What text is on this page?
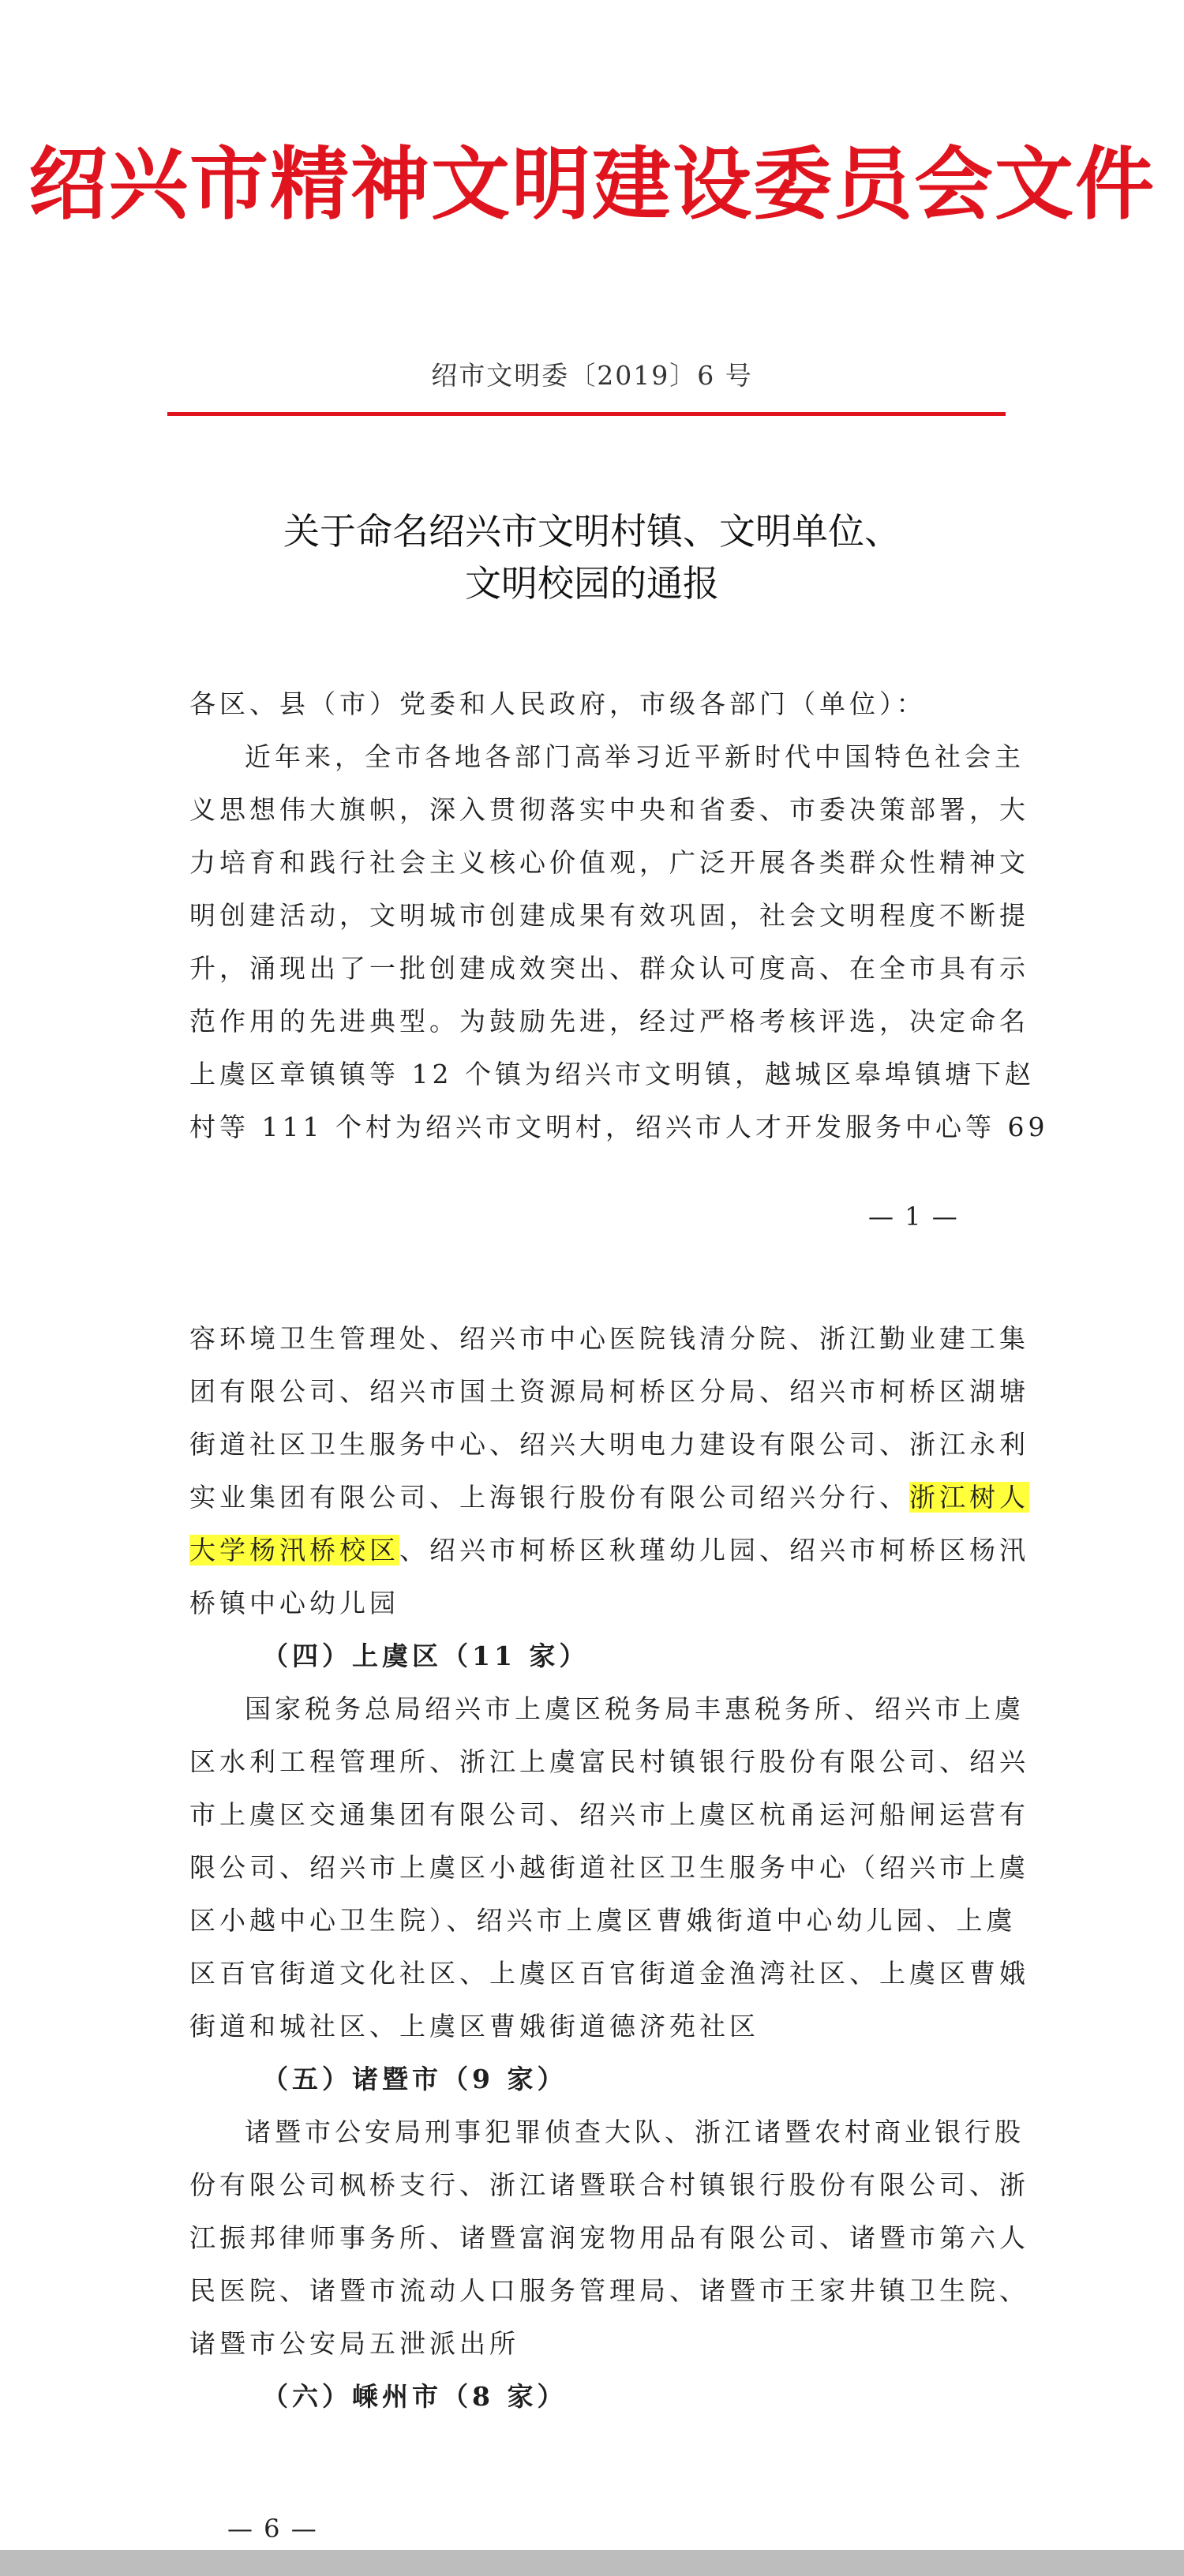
绍兴市精神文明建设委员会文件
绍市文明委〔2019〕6 号
关于命名绍兴市文明村镇、文明单位、
文明校园的通报
各区、县（市）党委和人民政府，市级各部门（单位）：
近年来，全市各地各部门高举习近平新时代中国特色社会主
义思想伟大旗帜，深入贯彻落实中央和省委、市委决策部署，大
力培育和践行社会主义核心价值观，广泛开展各类群众性精神文
明创建活动，文明城市创建成果有效巩固，社会文明程度不断提
升，涌现出了一批创建成效突出、群众认可度高、在全市具有示
范作用的先进典型。为鼓励先进，经过严格考核评选，决定命名
上虞区章镇镇等 12 个镇为绍兴市文明镇，越城区皋埠镇塘下赵
村等 111 个村为绍兴市文明村，绍兴市人才开发服务中心等 69
— 1 —
容环境卫生管理处、绍兴市中心医院钱清分院、浙江勤业建工集
团有限公司、绍兴市国土资源局柯桥区分局、绍兴市柯桥区湖塘
街道社区卫生服务中心、绍兴大明电力建设有限公司、浙江永利
实业集团有限公司、上海银行股份有限公司绍兴分行、浙江树人
大学杨汛桥校区、绍兴市柯桥区秋瑾幼儿园、绍兴市柯桥区杨汛
桥镇中心幼儿园
（四）上虞区（11 家）
国家税务总局绍兴市上虞区税务局丰惠税务所、绍兴市上虞
区水利工程管理所、浙江上虞富民村镇银行股份有限公司、绍兴
市上虞区交通集团有限公司、绍兴市上虞区杭甬运河船闸运营有
限公司、绍兴市上虞区小越街道社区卫生服务中心（绍兴市上虞
区小越中心卫生院）、绍兴市上虞区曹娥街道中心幼儿园、上虞
区百官街道文化社区、上虞区百官街道金渔湾社区、上虞区曹娥
街道和城社区、上虞区曹娥街道德济苑社区
（五）诸暨市（9 家）
诸暨市公安局刑事犯罪侦查大队、浙江诸暨农村商业银行股
份有限公司枫桥支行、浙江诸暨联合村镇银行股份有限公司、浙
江振邦律师事务所、诸暨富润宠物用品有限公司、诸暨市第六人
民医院、诸暨市流动人口服务管理局、诸暨市王家井镇卫生院、
诸暨市公安局五泄派出所
（六）嵊州市（8 家）
— 6 —
